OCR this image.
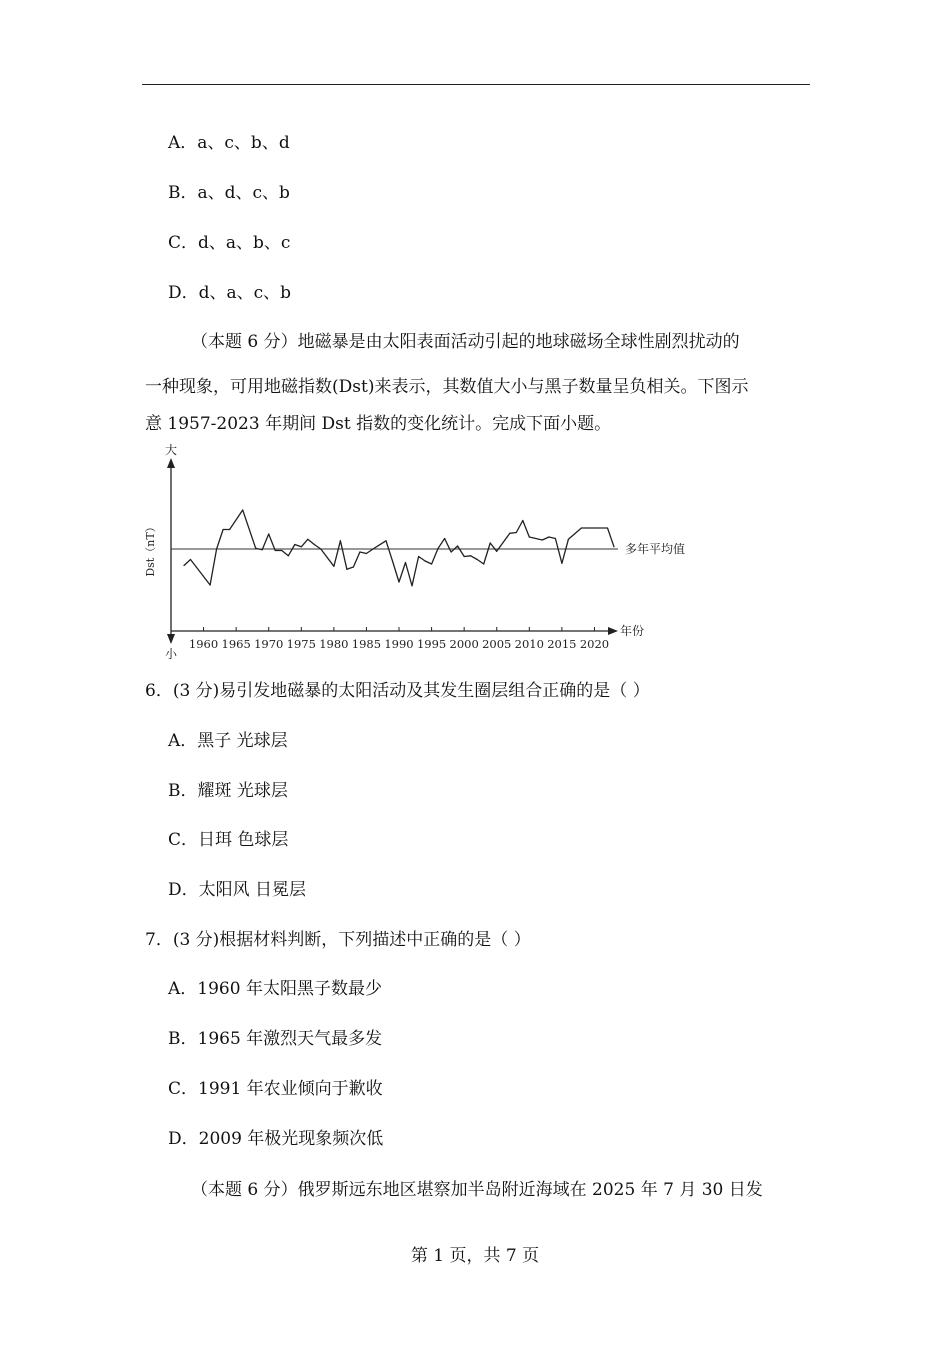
A．a、c、b、d
B．a、d、c、b
C．d、a、b、c
D．d、a、c、b
（本题 6 分）地磁暴是由太阳表面活动引起的地球磁场全球性剧烈扰动的
一种现象，可用地磁指数(Dst)来表示，其数值大小与黑子数量呈负相关。下图示
意 1957-2023 年期间 Dst 指数的变化统计。完成下面小题。
大
小
Dst（nT）
年份
多年平均值
1960 1965 1970 1975 1980 1985 1990 1995 2000 2005 2010 2015 2020
6．(3 分)易引发地磁暴的太阳活动及其发生圈层组合正确的是（ ）
A．黑子 光球层
B．耀斑 光球层
C．日珥 色球层
D．太阳风 日冕层
7．(3 分)根据材料判断，下列描述中正确的是（ ）
A．1960 年太阳黑子数最少
B．1965 年激烈天气最多发
C．1991 年农业倾向于歉收
D．2009 年极光现象频次低
（本题 6 分）俄罗斯远东地区堪察加半岛附近海域在 2025 年 7 月 30 日发
第 1 页，共 7 页
